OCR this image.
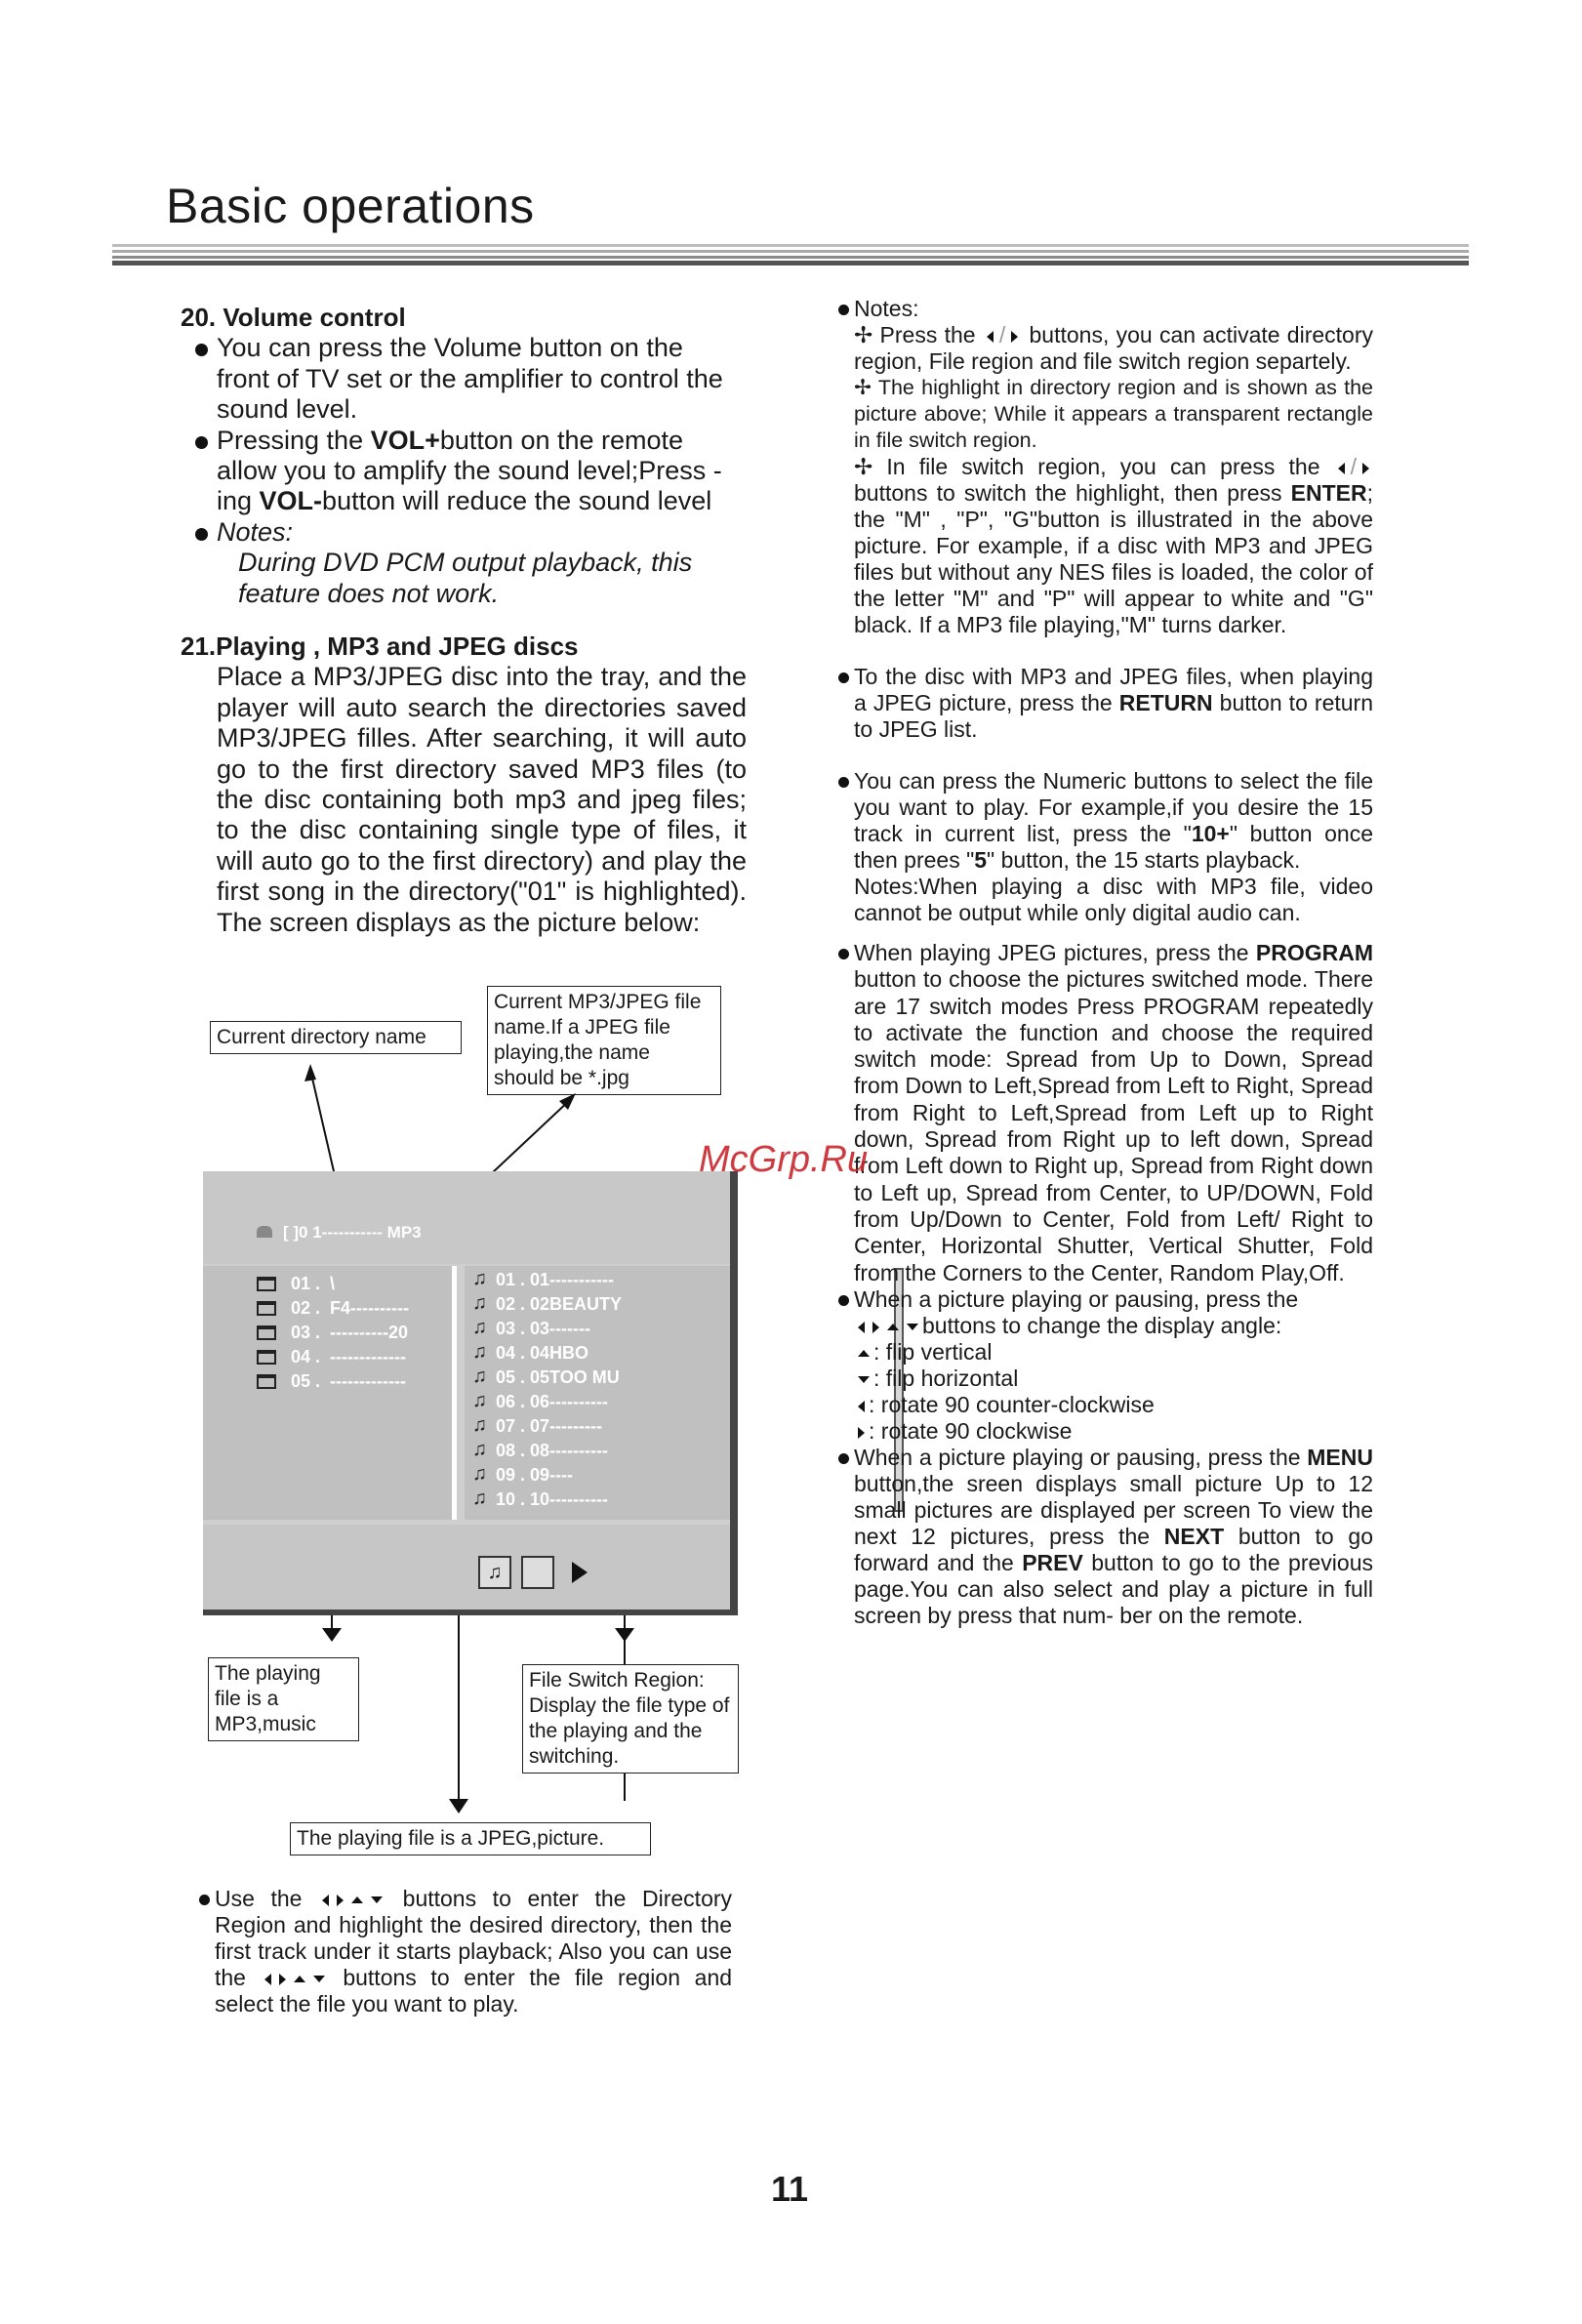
Basic operations
20. Volume control
You can press the Volume button on the front of TV set or the amplifier to control the sound level.
Pressing the VOL+button on the remote allow you to amplify the sound level;Press -ing VOL-button will reduce the sound level
Notes:
During DVD PCM output playback, this feature does not work.
21.Playing , MP3 and JPEG discs
Place a MP3/JPEG disc into the tray, and the player will auto search the directories saved MP3/JPEG filles. After searching, it will auto go to the first directory saved MP3 files (to the disc containing both mp3 and jpeg files; to the disc containing single type of files, it will auto go to the first directory) and play the first song in the directory("01" is highlighted). The screen displays as the picture below:
Current directory name
Current MP3/JPEG file name.If a JPEG file playing,the name should be *.jpg
[ ]0 1----------- MP3
01 .  \
02 .  F4----------
03 .  ----------20
04 .  -------------
05 .  -------------
♫
♫
♫
♫
♫
♫
♫
♫
♫
♫
01 . 01-----------
02 . 02BEAUTY
03 . 03-------
04 . 04HBO
05 . 05TOO MU
06 . 06----------
07 . 07---------
08 . 08----------
09 . 09----
10 . 10----------
♫
The playing file is a MP3,music
File Switch Region: Display the file type of the playing and the switching.
The playing file is a JPEG,picture.
Use the	buttons to enter the Directory Region and highlight the desired directory, then the first track under it starts playback; Also you can use the	buttons to enter the file region and select the file you want to play.
Notes:
✢ Press the / buttons, you can activate directory region, File region and file switch region separtely.
✢ The highlight in directory region and is shown as the picture above; While it appears a transparent rectangle in file switch region.
✢ In file switch region, you can press the / buttons to switch the highlight, then press ENTER; the "M" , "P", "G"button is illustrated in the above picture. For example, if a disc with MP3 and JPEG files but without any NES files is loaded, the color of the letter "M" and "P" will appear to white and "G" black. If a MP3 file playing,"M" turns darker.
To the disc with MP3 and JPEG files, when playing a JPEG picture, press the RETURN button to return to JPEG list.
You can press the Numeric buttons to select the file you want to play. For example,if you desire the 15 track in current list, press the "10+" button once then prees "5" button, the 15 starts playback.
Notes:When playing a disc with MP3 file, video cannot be output while only digital audio can.
When playing JPEG pictures, press the PROGRAM button to choose the pictures switched mode. There are 17 switch modes Press PROGRAM repeatedly to activate the function and choose the required switch mode: Spread from Up to Down, Spread from Down to Left,Spread from Left to Right, Spread from Right to Left,Spread from Left up to Right down, Spread from Right up to left down, Spread from Left down to Right up, Spread from Right down to Left up, Spread from Center, to UP/DOWN, Fold from Up/Down to Center, Fold from Left/ Right to Center, Horizontal Shutter, Vertical Shutter, Fold from the Corners to the Center, Random Play,Off.
When a picture playing or pausing, press the
buttons to change the display angle:
: flip vertical
: filp horizontal
: rotate 90 counter-clockwise
: rotate 90 clockwise
When a picture playing or pausing, press the MENU button,the sreen displays small picture Up to 12 small pictures are displayed per screen To view the next 12 pictures, press the NEXT button to go forward and the PREV button to go to the previous page.You can also select and play a picture in full screen by press that num- ber on the remote.
McGrp.Ru
11
